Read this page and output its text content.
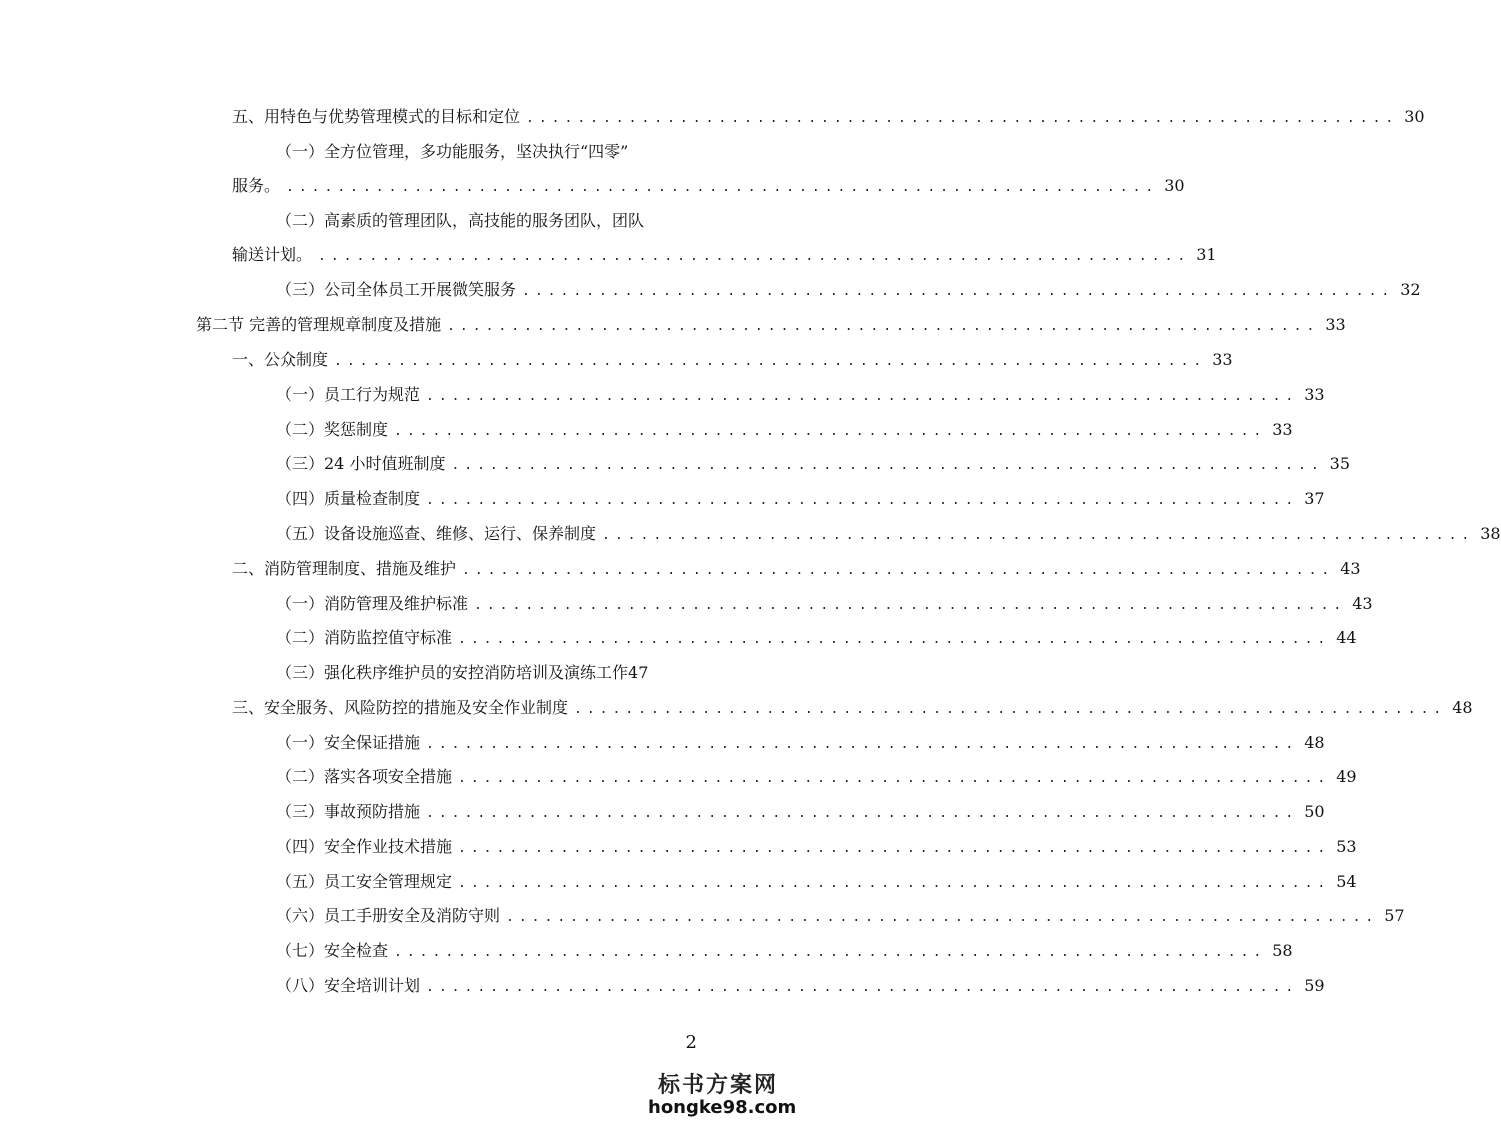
五、用特色与优势管理模式的目标和定位 .................................................................... 30
（一）全方位管理，多功能服务，坚决执行“四零”
服务。 .................................................................... 30
（二）高素质的管理团队，高技能的服务团队，团队
输送计划。 .................................................................... 31
（三）公司全体员工开展微笑服务 .................................................................... 32
第二节 完善的管理规章制度及措施 .................................................................... 33
一、公众制度 .................................................................... 33
（一）员工行为规范 .................................................................... 33
（二）奖惩制度 .................................................................... 33
（三）24 小时值班制度 .................................................................... 35
（四）质量检查制度 .................................................................... 37
（五）设备设施巡查、维修、运行、保养制度 .................................................................... 38
二、消防管理制度、措施及维护 .................................................................... 43
（一）消防管理及维护标准 .................................................................... 43
（二）消防监控值守标准 .................................................................... 44
（三）强化秩序维护员的安控消防培训及演练工作 47
三、安全服务、风险防控的措施及安全作业制度 .................................................................... 48
（一）安全保证措施 .................................................................... 48
（二）落实各项安全措施 .................................................................... 49
（三）事故预防措施 .................................................................... 50
（四）安全作业技术措施 .................................................................... 53
（五）员工安全管理规定 .................................................................... 54
（六）员工手册安全及消防守则 .................................................................... 57
（七）安全检查 .................................................................... 58
（八）安全培训计划 .................................................................... 59
2
标书方案网
hongke98.com
